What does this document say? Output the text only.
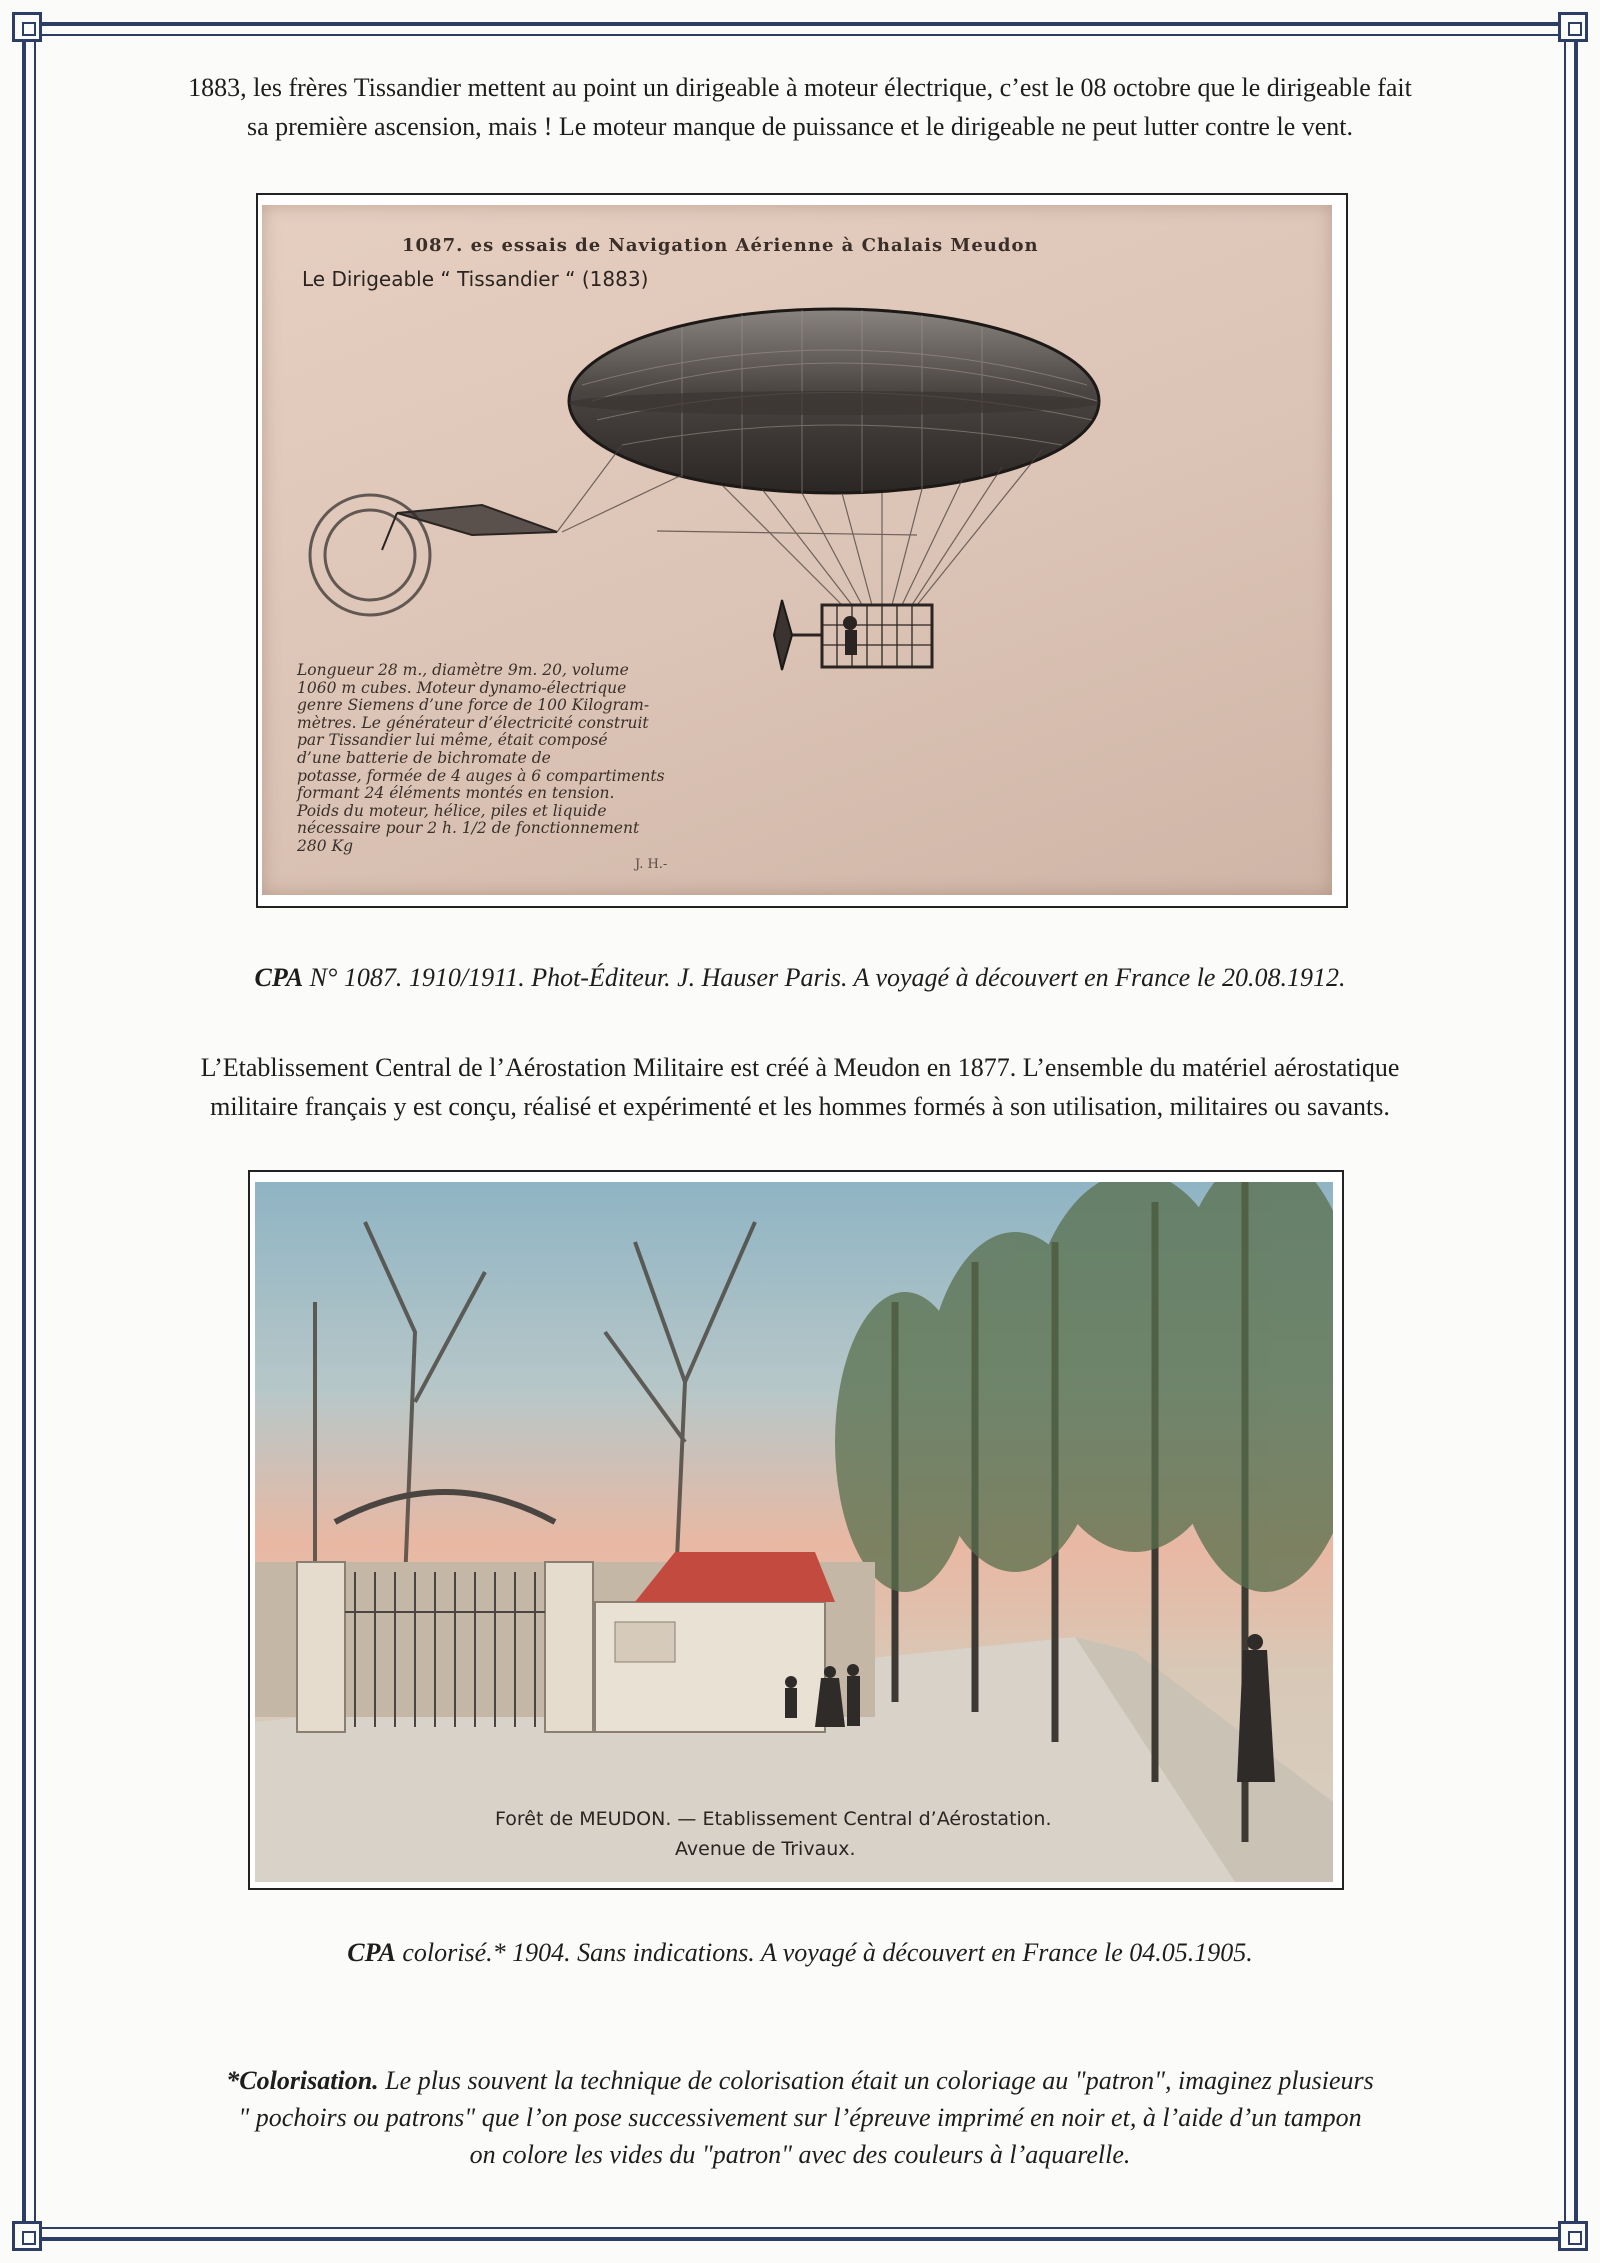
1883, les frères Tissandier mettent au point un dirigeable à moteur électrique, c’est le 08 octobre que le dirigeable fait

sa première ascension, mais ! Le moteur manque de puissance et le dirigeable ne peut lutter contre le vent.

1087. es essais de Navigation Aérienne à Chalais Meudon
Le Dirigeable “ Tissandier “ (1883)
Longueur 28 m., diamètre 9m. 20, volume
1060 m cubes. Moteur dynamo-électrique
genre Siemens d’une force de 100 Kilogram-
mètres. Le générateur d’électricité construit
par Tissandier lui même, était composé
d’une batterie de bichromate de
potasse, formée de 4 auges à 6 compartiments
formant 24 éléments montés en tension.
Poids du moteur, hélice, piles et liquide
nécessaire pour 2 h. 1/2 de fonctionnement
280 Kg
J. H.-
CPA N° 1087. 1910/1911. Phot-Éditeur. J. Hauser Paris. A voyagé à découvert en France le 20.08.1912.

L’Etablissement Central de l’Aérostation Militaire est créé à Meudon en 1877. L’ensemble du matériel aérostatique

militaire français y est conçu, réalisé et expérimenté et les hommes formés à son utilisation, militaires ou savants.

Forêt de MEUDON. — Etablissement Central d’Aérostation.
Avenue de Trivaux.
CPA colorisé.* 1904. Sans indications. A voyagé à découvert en France le 04.05.1905.
*Colorisation. Le plus souvent la technique de colorisation était un coloriage au "patron", imaginez plusieurs
" pochoirs ou patrons" que l’on pose successivement sur l’épreuve imprimé en noir et, à l’aide d’un tampon
on colore les vides du "patron" avec des couleurs à l’aquarelle.
